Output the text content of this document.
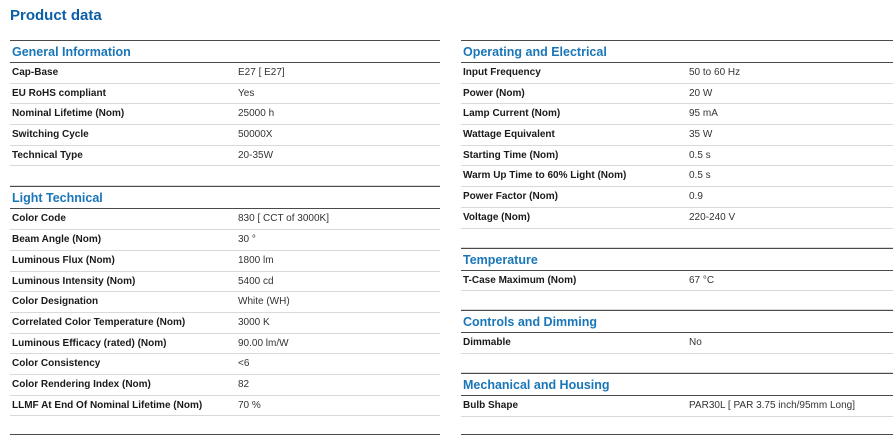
Product data
General Information
Cap-Base	E27 [ E27]
EU RoHS compliant	Yes
Nominal Lifetime (Nom)	25000 h
Switching Cycle	50000X
Technical Type	20-35W
Light Technical
Color Code	830 [ CCT of 3000K]
Beam Angle (Nom)	30 °
Luminous Flux (Nom)	1800 lm
Luminous Intensity (Nom)	5400 cd
Color Designation	White (WH)
Correlated Color Temperature (Nom)	3000 K
Luminous Efficacy (rated) (Nom)	90.00 lm/W
Color Consistency	<6
Color Rendering Index (Nom)	82
LLMF At End Of Nominal Lifetime (Nom)	70 %
Operating and Electrical
Input Frequency	50 to 60 Hz
Power (Nom)	20 W
Lamp Current (Nom)	95 mA
Wattage Equivalent	35 W
Starting Time (Nom)	0.5 s
Warm Up Time to 60% Light (Nom)	0.5 s
Power Factor (Nom)	0.9
Voltage (Nom)	220-240 V
Temperature
T-Case Maximum (Nom)	67 °C
Controls and Dimming
Dimmable	No
Mechanical and Housing
Bulb Shape	PAR30L [ PAR 3.75 inch/95mm Long]
